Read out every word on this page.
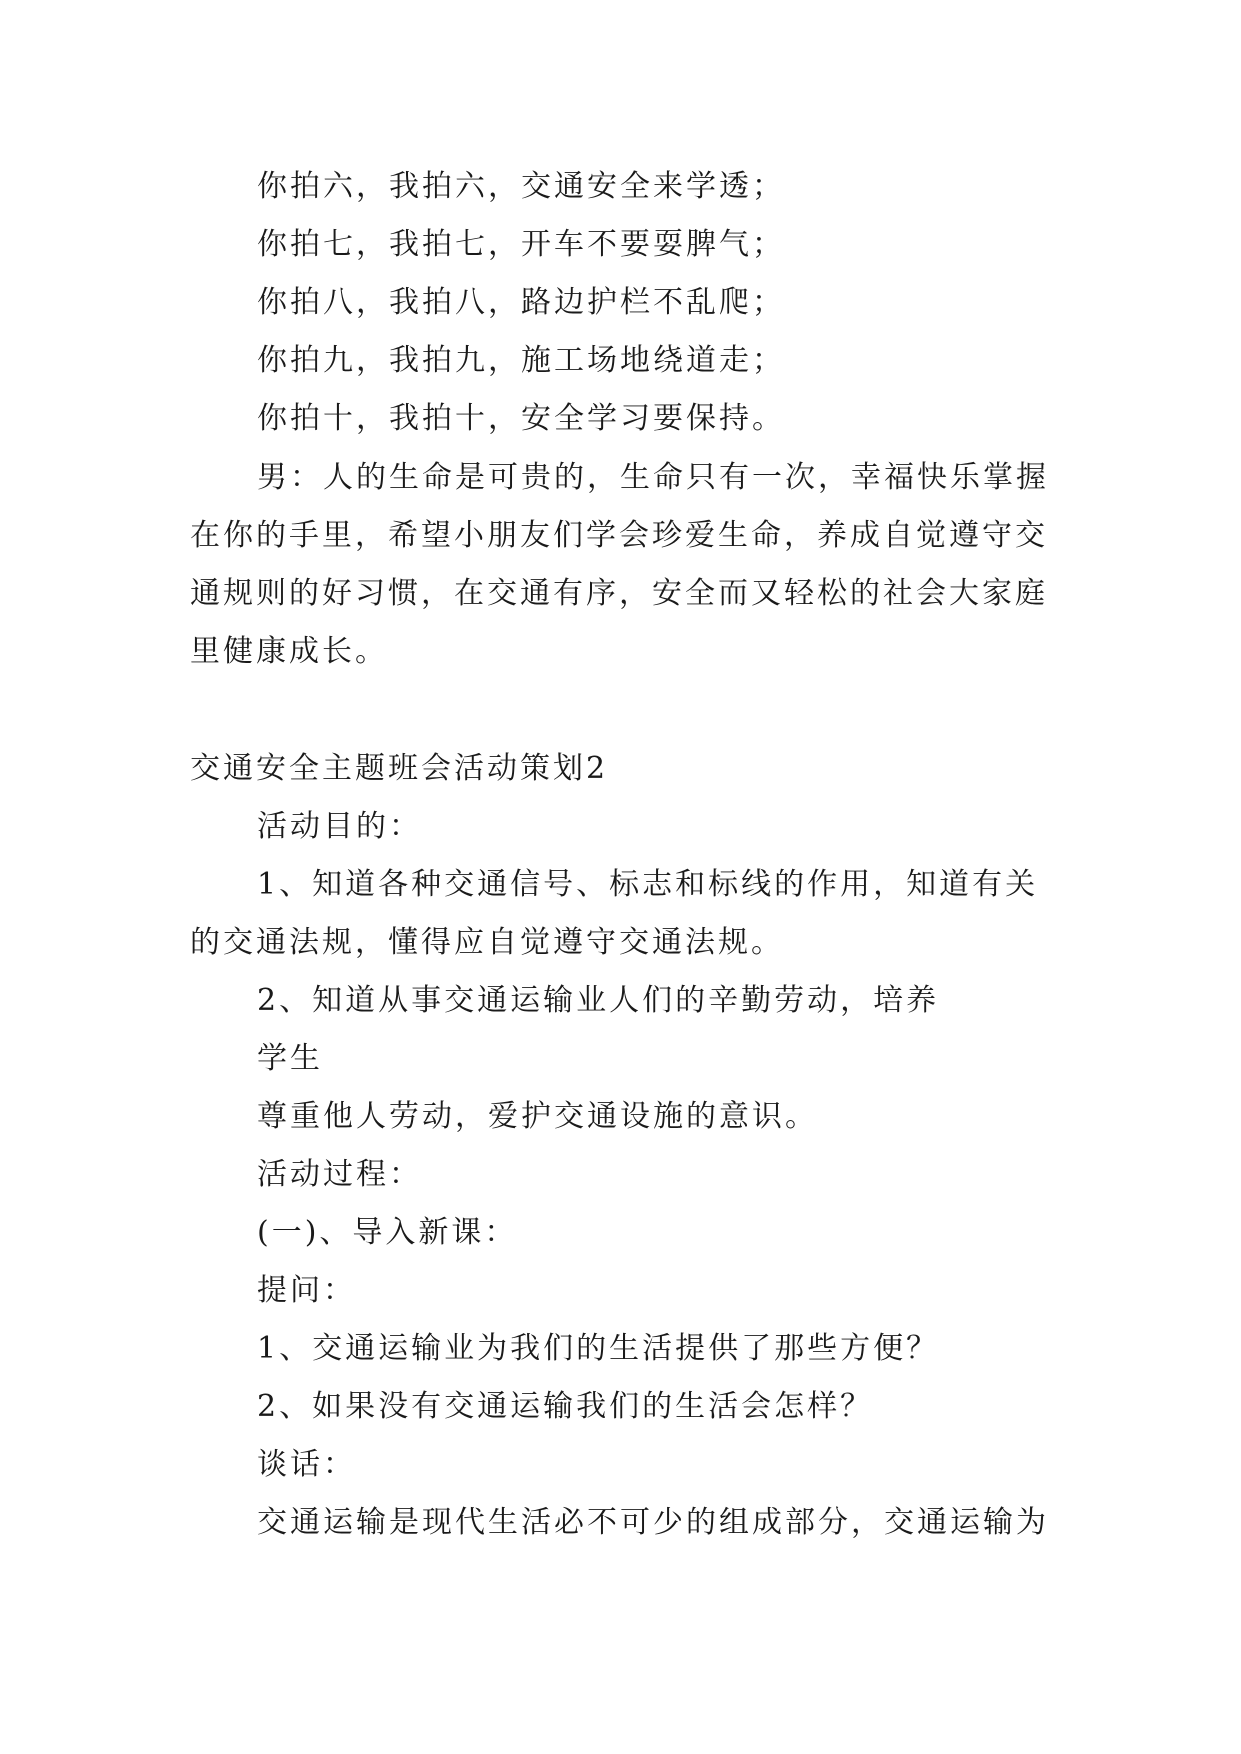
你拍六，我拍六，交通安全来学透；
你拍七，我拍七，开车不要耍脾气；
你拍八，我拍八，路边护栏不乱爬；
你拍九，我拍九，施工场地绕道走；
你拍十，我拍十，安全学习要保持。
男：人的生命是可贵的，生命只有一次，幸福快乐掌握
在你的手里，希望小朋友们学会珍爱生命，养成自觉遵守交
通规则的好习惯，在交通有序，安全而又轻松的社会大家庭
里健康成长。
交通安全主题班会活动策划2
活动目的：
1、知道各种交通信号、标志和标线的作用，知道有关
的交通法规，懂得应自觉遵守交通法规。
2、知道从事交通运输业人们的辛勤劳动，培养
学生
尊重他人劳动，爱护交通设施的意识。
活动过程：
(一)、导入新课：
提问：
1、交通运输业为我们的生活提供了那些方便？
2、如果没有交通运输我们的生活会怎样？
谈话：
交通运输是现代生活必不可少的组成部分，交通运输为
